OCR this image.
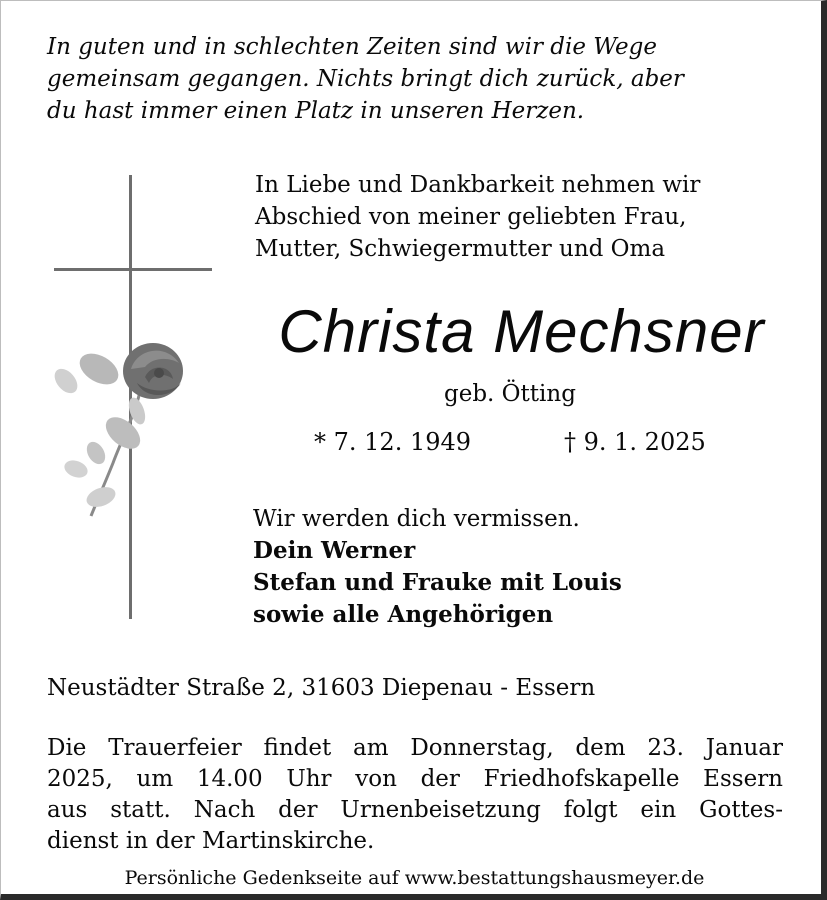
In guten und in schlechten Zeiten sind wir die Wege
gemeinsam gegangen. Nichts bringt dich zurück, aber
du hast immer einen Platz in unseren Herzen.
In Liebe und Dankbarkeit nehmen wir
Abschied von meiner geliebten Frau,
Mutter, Schwiegermutter und Oma
Christa Mechsner
geb. Ötting
* 7. 12. 1949	† 9. 1. 2025
Wir werden dich vermissen.
Dein Werner
Stefan und Frauke mit Louis
sowie alle Angehörigen
Neustädter Straße 2, 31603 Diepenau - Essern
Die Trauerfeier findet am Donnerstag, dem 23. Januar
2025, um 14.00 Uhr von der Friedhofskapelle Essern
aus statt. Nach der Urnenbeisetzung folgt ein Gottes-
dienst in der Martinskirche.
Persönliche Gedenkseite auf www.bestattungshausmeyer.de
